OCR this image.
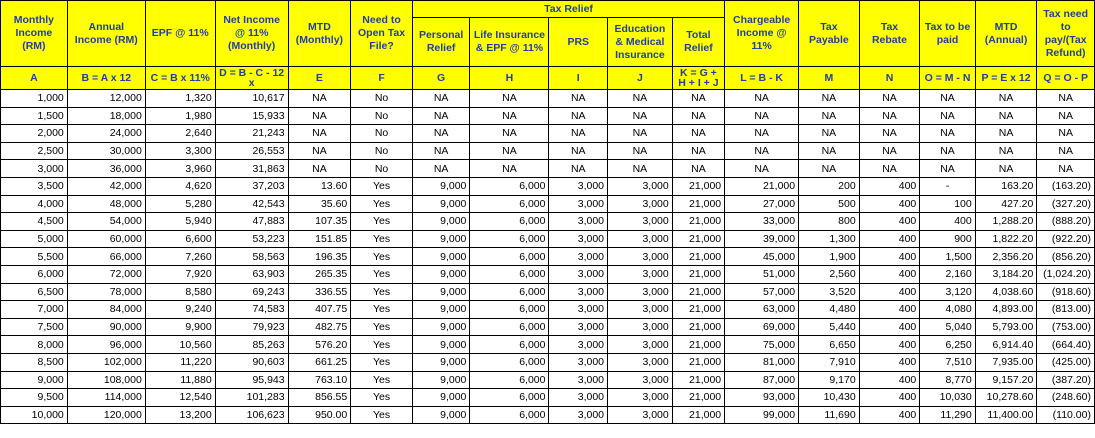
Monthly Income (RM)	Annual Income (RM)	EPF @ 11%	Net Income @ 11% (Monthly)	MTD (Monthly)	Need to Open Tax File?	Tax Relief					Chargeable Income @ 11%	Tax Payable	Tax Rebate	Tax to be paid	MTD (Annual)	Tax need to pay/(Tax Refund)
						Personal Relief	Life Insurance & EPF @ 11%	PRS	Education & Medical Insurance	Total Relief						
A	B = A x 12	C = B x 11%	D = B - C - 12 x	E	F	G	H	I	J	K = G + H + I + J	L = B - K	M	N	O = M - N	P = E x 12	Q = O - P
1,000	12,000	1,320	10,617	NA	No	NA	NA	NA	NA	NA	NA	NA	NA	NA	NA	NA
1,500	18,000	1,980	15,933	NA	No	NA	NA	NA	NA	NA	NA	NA	NA	NA	NA	NA
2,000	24,000	2,640	21,243	NA	No	NA	NA	NA	NA	NA	NA	NA	NA	NA	NA	NA
2,500	30,000	3,300	26,553	NA	No	NA	NA	NA	NA	NA	NA	NA	NA	NA	NA	NA
3,000	36,000	3,960	31,863	NA	No	NA	NA	NA	NA	NA	NA	NA	NA	NA	NA	NA
3,500	42,000	4,620	37,203	13.60	Yes	9,000	6,000	3,000	3,000	21,000	21,000	200	400	-	163.20	(163.20)
4,000	48,000	5,280	42,543	35.60	Yes	9,000	6,000	3,000	3,000	21,000	27,000	500	400	100	427.20	(327.20)
4,500	54,000	5,940	47,883	107.35	Yes	9,000	6,000	3,000	3,000	21,000	33,000	800	400	400	1,288.20	(888.20)
5,000	60,000	6,600	53,223	151.85	Yes	9,000	6,000	3,000	3,000	21,000	39,000	1,300	400	900	1,822.20	(922.20)
5,500	66,000	7,260	58,563	196.35	Yes	9,000	6,000	3,000	3,000	21,000	45,000	1,900	400	1,500	2,356.20	(856.20)
6,000	72,000	7,920	63,903	265.35	Yes	9,000	6,000	3,000	3,000	21,000	51,000	2,560	400	2,160	3,184.20	(1,024.20)
6,500	78,000	8,580	69,243	336.55	Yes	9,000	6,000	3,000	3,000	21,000	57,000	3,520	400	3,120	4,038.60	(918.60)
7,000	84,000	9,240	74,583	407.75	Yes	9,000	6,000	3,000	3,000	21,000	63,000	4,480	400	4,080	4,893.00	(813.00)
7,500	90,000	9,900	79,923	482.75	Yes	9,000	6,000	3,000	3,000	21,000	69,000	5,440	400	5,040	5,793.00	(753.00)
8,000	96,000	10,560	85,263	576.20	Yes	9,000	6,000	3,000	3,000	21,000	75,000	6,650	400	6,250	6,914.40	(664.40)
8,500	102,000	11,220	90,603	661.25	Yes	9,000	6,000	3,000	3,000	21,000	81,000	7,910	400	7,510	7,935.00	(425.00)
9,000	108,000	11,880	95,943	763.10	Yes	9,000	6,000	3,000	3,000	21,000	87,000	9,170	400	8,770	9,157.20	(387.20)
9,500	114,000	12,540	101,283	856.55	Yes	9,000	6,000	3,000	3,000	21,000	93,000	10,430	400	10,030	10,278.60	(248.60)
10,000	120,000	13,200	106,623	950.00	Yes	9,000	6,000	3,000	3,000	21,000	99,000	11,690	400	11,290	11,400.00	(110.00)
